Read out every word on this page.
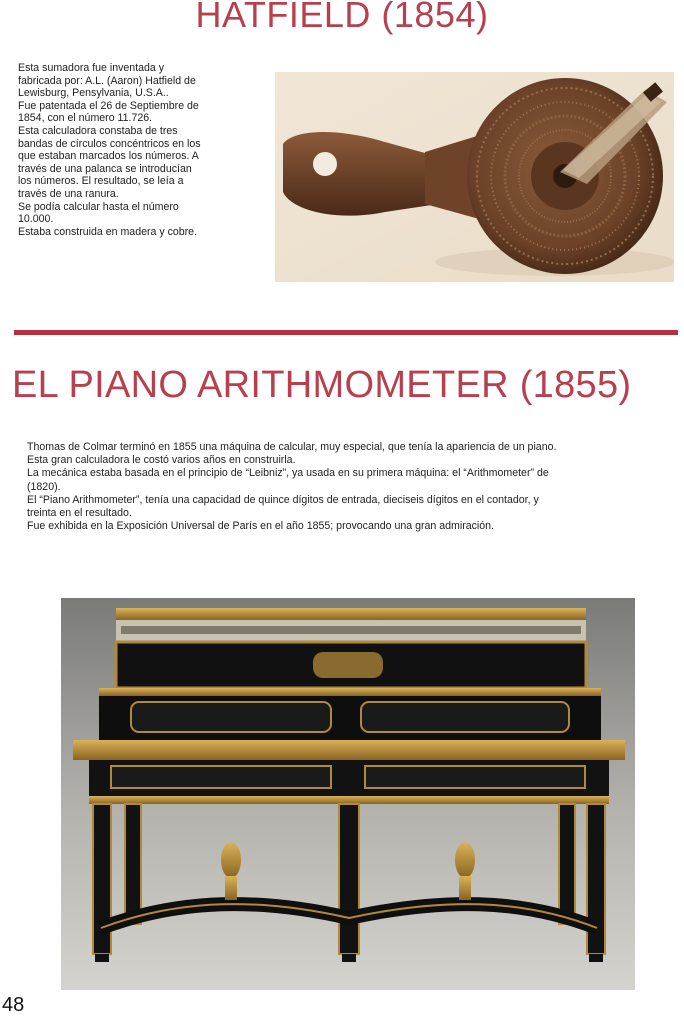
HATFIELD (1854)
Esta sumadora fue inventada y
fabricada por: A.L. (Aaron) Hatfield de
Lewisburg, Pensylvania, U.S.A..
Fue patentada el 26 de Septiembre de
1854, con el número 11.726.
Esta calculadora constaba de tres
bandas de círculos concéntricos en los
que estaban marcados los números. A
través de una palanca se introducían
los números. El resultado, se leía a
través de una ranura.
Se podía calcular hasta el número
10.000.
Estaba construida en madera y cobre.
EL PIANO ARITHMOMETER (1855)
Thomas de Colmar terminó en 1855 una máquina de calcular, muy especial, que tenía la apariencia de un piano.
Esta gran calculadora le costó varios años en construirla.
La mecánica estaba basada en el principio de “Leibniz”, ya usada en su primera máquina: el “Arithmometer” de
(1820).
El “Piano Arithmometer”, tenía una capacidad de quince dígitos de entrada, dieciseis dígitos en el contador, y
treinta en el resultado.
Fue exhibida en la Exposición Universal de París en el año 1855; provocando una gran admiración.
48
